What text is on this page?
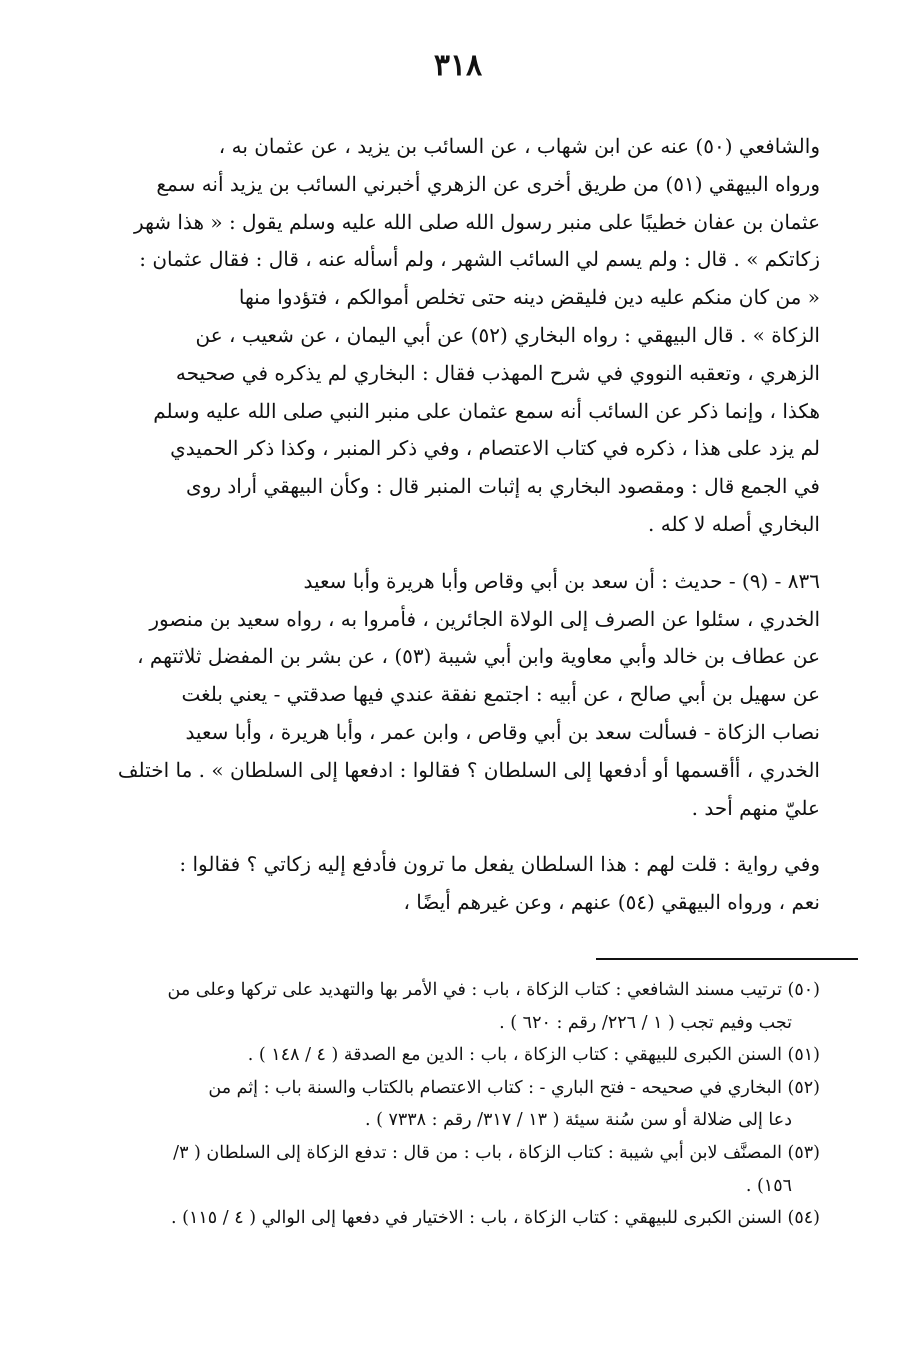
٣١٨
والشافعي (٥٠) عنه عن ابن شهاب ، عن السائب بن يزيد ، عن عثمان به ،
ورواه البيهقي (٥١) من طريق أخرى عن الزهري أخبرني السائب بن يزيد أنه سمع
عثمان بن عفان خطيبًا على منبر رسول الله صلى الله عليه وسلم يقول : « هذا شهر
زكاتكم » . قال : ولم يسم لي السائب الشهر ، ولم أسأله عنه ، قال : فقال عثمان :
« من كان منكم عليه دين فليقض دينه حتى تخلص أموالكم ، فتؤدوا منها
الزكاة » . قال البيهقي : رواه البخاري (٥٢) عن أبي اليمان ، عن شعيب ، عن
الزهري ، وتعقبه النووي في شرح المهذب فقال : البخاري لم يذكره في صحيحه
هكذا ، وإنما ذكر عن السائب أنه سمع عثمان على منبر النبي صلى الله عليه وسلم
لم يزد على هذا ، ذكره في كتاب الاعتصام ، وفي ذكر المنبر ، وكذا ذكر الحميدي
في الجمع قال : ومقصود البخاري به إثبات المنبر قال : وكأن البيهقي أراد روى
البخاري أصله لا كله .
٨٣٦ - (٩) - حديث : أن سعد بن أبي وقاص وأبا هريرة وأبا سعيد
الخدري ، سئلوا عن الصرف إلى الولاة الجائرين ، فأمروا به ، رواه سعيد بن منصور
عن عطاف بن خالد وأبي معاوية وابن أبي شيبة (٥٣) ، عن بشر بن المفضل ثلاثتهم ،
عن سهيل بن أبي صالح ، عن أبيه : اجتمع نفقة عندي فيها صدقتي - يعني بلغت
نصاب الزكاة - فسألت سعد بن أبي وقاص ، وابن عمر ، وأبا هريرة ، وأبا سعيد
الخدري ، أأقسمها أو أدفعها إلى السلطان ؟ فقالوا : ادفعها إلى السلطان » . ما اختلف
عليّ منهم أحد .
وفي رواية : قلت لهم : هذا السلطان يفعل ما ترون فأدفع إليه زكاتي ؟ فقالوا :
نعم ، ورواه البيهقي (٥٤) عنهم ، وعن غيرهم أيضًا ،
(٥٠) ترتيب مسند الشافعي : كتاب الزكاة ، باب : في الأمر بها والتهديد على تركها وعلى من
تجب وفيم تجب ( ١ / ٢٢٦/ رقم : ٦٢٠ ) .
(٥١) السنن الكبرى للبيهقي : كتاب الزكاة ، باب : الدين مع الصدقة ( ٤ / ١٤٨ ) .
(٥٢) البخاري في صحيحه - فتح الباري - : كتاب الاعتصام بالكتاب والسنة باب : إثم من
دعا إلى ضلالة أو سن سُنة سيئة ( ١٣ / ٣١٧/ رقم : ٧٣٣٨ ) .
(٥٣) المصنَّف لابن أبي شيبة : كتاب الزكاة ، باب : من قال : تدفع الزكاة إلى السلطان ( ٣/
١٥٦) .
(٥٤) السنن الكبرى للبيهقي : كتاب الزكاة ، باب : الاختيار في دفعها إلى الوالي ( ٤ / ١١٥) .
